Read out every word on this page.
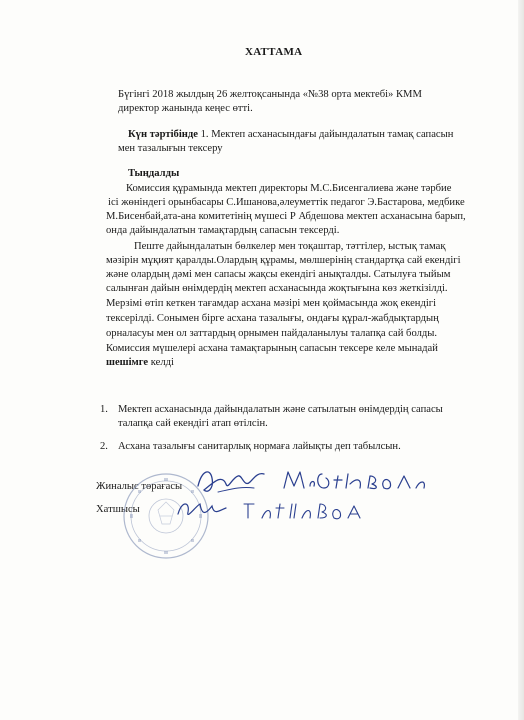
ХАТТАМА
Бүгінгі 2018 жылдың 26 желтоқсанында «№38 орта мектебі» КММ
директор жанында кеңес өтті.
Күн тәртібінде 1. Мектеп асханасындағы дайындалатын тамақ сапасын
мен тазалығын тексеру
Тыңдалды
Комиссия құрамында мектеп директоры М.С.Бисенгалиева және тәрбие
ісі жөніндегі орынбасары С.Ишанова,әлеуметтік педагог Э.Бастарова, медбике
М.Бисенбай,ата-ана комитетінің мүшесі Р Абдешова мектеп асханасына барып,
онда дайындалатын тамақтардың сапасын тексерді.
Пеште дайындалатын бөлкелер мен тоқаштар, тәттілер, ыстық тамақ
мәзірін мұқият қаралды.Олардың құрамы, мөлшерінің стандартқа сай екендігі
және олардың дәмі мен сапасы жақсы екендігі анықталды. Сатылуға тыйым
салынған дайын өнімдердің мектеп асханасында жоқтығына көз жеткізілді.
Мерзімі өтіп кеткен тағамдар асхана мәзірі мен қоймасында жоқ екендігі
тексерілді. Сонымен бірге асхана тазалығы, ондағы құрал-жабдықтардың
орналасуы мен ол заттардың орнымен пайдаланылуы талапқа сай болды.
Комиссия мүшелері асхана тамақтарының сапасын тексере келе мынадай
шешімге келді
1. Мектеп асханасында дайындалатын және сатылатын өнімдердің сапасы
талапқа сай екендігі атап өтілсін.
2. Асхана тазалығы санитарлық нормаға лайықты деп табылсын.
Жиналыс төрағасы
Хатшысы
